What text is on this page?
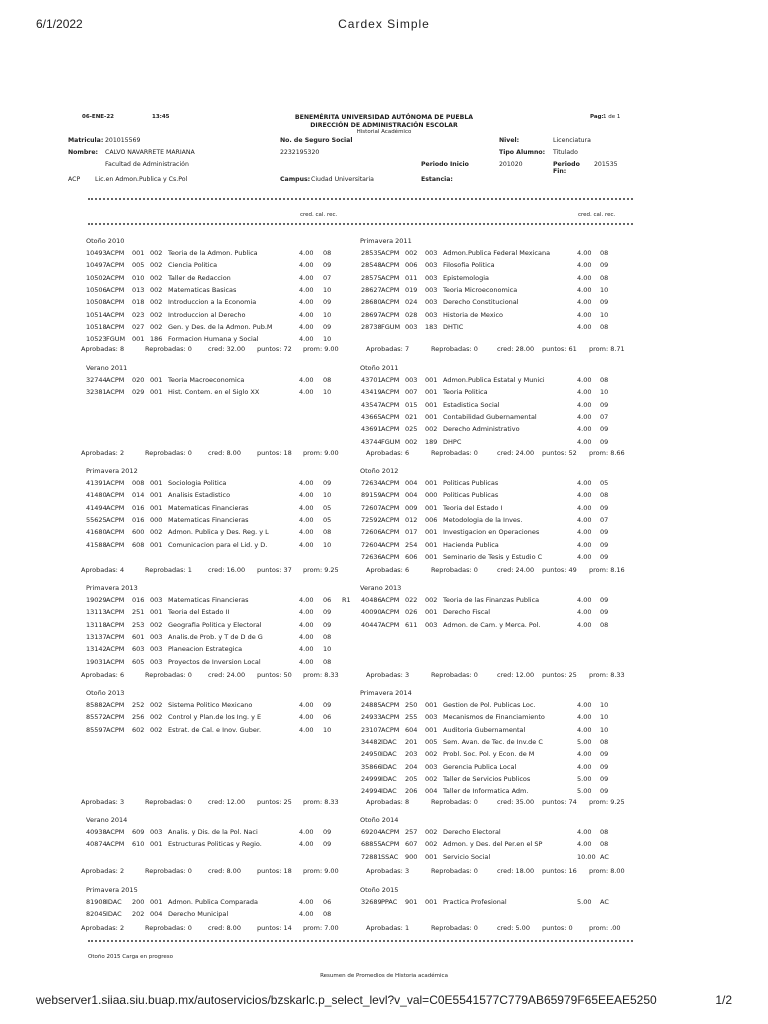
6/1/2022	Cardex Simple
webserver1.siiaa.siu.buap.mx/autoservicios/bzskarlc.p_select_levl?v_val=C0E5541577C779AB65979F65EEAE5250	1/2
06-ENE-22	13:45	BENEMÉRITA UNIVERSIDAD AUTÓNOMA DE PUEBLA
DIRECCIÓN DE ADMINISTRACIÓN ESCOLAR
Historial Académico
Pag: 1 de 1
Matricula: 201015569	No. de Seguro Social	Nivel:	Licenciatura
Nombre: CALVO NAVARRETE MARIANA	2232195320	Tipo Alumno: Titulado
Facultad de Administración	Periodo Inicio	201020	Periodo Fin:
201535
ACP Lic.en Admon.Publica y Cs.Pol	Campus: Ciudad Universitaria	Estancia:
cred. cal. rec.	cred. cal. rec.
Otoño 2010
10493 ACPM 001 002 Teoria de la Admon. Publica	4.00 08
10497 ACPM 005 002 Ciencia Politica	4.00 09
10502 ACPM 010 002 Taller de Redaccion	4.00 07
10506 ACPM 013 002 Matematicas Basicas	4.00 10
10508 ACPM 018 002 Introduccion a la Economia	4.00 09
10514 ACPM 023 002 Introduccion al Derecho	4.00 10
10518 ACPM 027 002 Gen. y Des. de la Admon. Pub.M	4.00 09
10523 FGUM 001 186 Formacion Humana y Social	4.00 10
Aprobadas: 8	Reprobadas: 0 cred: 32.00 puntos: 72 prom: 9.00
Verano 2011
32744 ACPM 020 001 Teoria Macroeconomica	4.00 08
32381 ACPM 029 001 Hist. Contem. en el Siglo XX	4.00 10
Aprobadas: 2	Reprobadas: 0 cred: 8.00 puntos: 18 prom: 9.00
Primavera 2012
41391 ACPM 008 001 Sociologia Politica	4.00 09
41480 ACPM 014 001 Analisis Estadistico	4.00 10
41494 ACPM 016 001 Matematicas Financieras	4.00 05
55625 ACPM 016 000 Matematicas Financieras	4.00 05
41680 ACPM 600 002 Admon. Publica y Des. Reg. y L	4.00 08
41588 ACPM 608 001 Comunicacion para el Lid. y D.	4.00 10
Aprobadas: 4	Reprobadas: 1 cred: 16.00 puntos: 37 prom: 9.25
Primavera 2013
19029 ACPM 016 003 Matematicas Financieras	4.00 06 R1
13113 ACPM 251 001 Teoria del Estado II	4.00 09
13118 ACPM 253 002 Geografia Politica y Electoral	4.00 09
13137 ACPM 601 003 Analis.de Prob. y T de D de G	4.00 08
13142 ACPM 603 003 Planeacion Estrategica	4.00 10
19031 ACPM 605 003 Proyectos de Inversion Local	4.00 08
Aprobadas: 6	Reprobadas: 0 cred: 24.00 puntos: 50 prom: 8.33
Otoño 2013
85882 ACPM 252 002 Sistema Politico Mexicano	4.00 09
85572 ACPM 256 002 Control y Plan.de los Ing. y E	4.00 06
85597 ACPM 602 002 Estrat. de Cal. e Inov. Guber.	4.00 10
Aprobadas: 3	Reprobadas: 0 cred: 12.00 puntos: 25 prom: 8.33
Verano 2014
40938 ACPM 609 003 Analis. y Dis. de la Pol. Naci	4.00 09
40874 ACPM 610 001 Estructuras Politicas y Regio.	4.00 09
Aprobadas: 2	Reprobadas: 0 cred: 8.00 puntos: 18 prom: 9.00
Primavera 2015
81908 IDAC 200 001 Admon. Publica Comparada	4.00 06
82045 IDAC 202 004 Derecho Municipal	4.00 08
Aprobadas: 2	Reprobadas: 0 cred: 8.00 puntos: 14 prom: 7.00
Primavera 2011
28535 ACPM 002 003 Admon.Publica Federal Mexicana	4.00 08
28548 ACPM 006 003 Filosofia Politica	4.00 09
28575 ACPM 011 003 Epistemologia	4.00 08
28627 ACPM 019 003 Teoria Microeconomica	4.00 10
28680 ACPM 024 003 Derecho Constitucional	4.00 09
28697 ACPM 028 003 Historia de Mexico	4.00 10
28738 FGUM 003 183 DHTIC	4.00 08
Aprobadas: 7	Reprobadas: 0	cred: 28.00 puntos: 61 prom: 8.71
Otoño 2011
43701 ACPM 003 001 Admon.Publica Estatal y Munici	4.00 08
43419 ACPM 007 001 Teoria Politica	4.00 10
43547 ACPM 015 001 Estadistica Social	4.00 09
43665 ACPM 021 001 Contabilidad Gubernamental	4.00 07
43691 ACPM 025 002 Derecho Administrativo	4.00 09
43744 FGUM 002 189 DHPC	4.00 09
Aprobadas: 6	Reprobadas: 0	cred: 24.00 puntos: 52 prom: 8.66
Otoño 2012
72634 ACPM 004 001 Politicas Publicas	4.00 05
89159 ACPM 004 000 Politicas Publicas	4.00 08
72607 ACPM 009 001 Teoria del Estado I	4.00 09
72592 ACPM 012 006 Metodologia de la Inves.	4.00 07
72606 ACPM 017 001 Investigacion en Operaciones	4.00 09
72604 ACPM 254 001 Hacienda Publica	4.00 09
72636 ACPM 606 001 Seminario de Tesis y Estudio C	4.00 09
Aprobadas: 6	Reprobadas: 0	cred: 24.00 puntos: 49 prom: 8.16
Verano 2013
40486 ACPM 022 002 Teoria de las Finanzas Publica	4.00 09
40090 ACPM 026 001 Derecho Fiscal	4.00 09
40447 ACPM 611 003 Admon. de Cam. y Merca. Pol.	4.00 08
Aprobadas: 3	Reprobadas: 0	cred: 12.00 puntos: 25 prom: 8.33
Primavera 2014
24885 ACPM 250 001 Gestion de Pol. Publicas Loc.	4.00 10
24933 ACPM 255 003 Mecanismos de Financiamiento	4.00 10
23107 ACPM 604 001 Auditoria Gubernamental	4.00 10
34482 IDAC 201 005 Sem. Avan. de Tec. de Inv.de C	5.00 08
24950 IDAC 203 002 Probl. Soc. Pol. y Econ. de M	4.00 09
35866 IDAC 204 003 Gerencia Publica Local	4.00 09
24999 IDAC 205 002 Taller de Servicios Publicos	5.00 09
24994 IDAC 206 004 Taller de Informatica Adm.	5.00 09
Aprobadas: 8	Reprobadas: 0	cred: 35.00 puntos: 74 prom: 9.25
Otoño 2014
69204 ACPM 257 002 Derecho Electoral	4.00 08
68855 ACPM 607 002 Admon. y Des. del Per.en el SP	4.00 08
72881 SSAC 900 001 Servicio Social	10.00 AC
Aprobadas: 3	Reprobadas: 0	cred: 18.00 puntos: 16 prom: 8.00
Otoño 2015
32689 PPAC 901 001 Practica Profesional	5.00 AC
Aprobadas: 1	Reprobadas: 0	cred: 5.00 puntos: 0	prom: .00
Otoño 2015 Carga en progreso
Resumen de Promedios de Historia académica
